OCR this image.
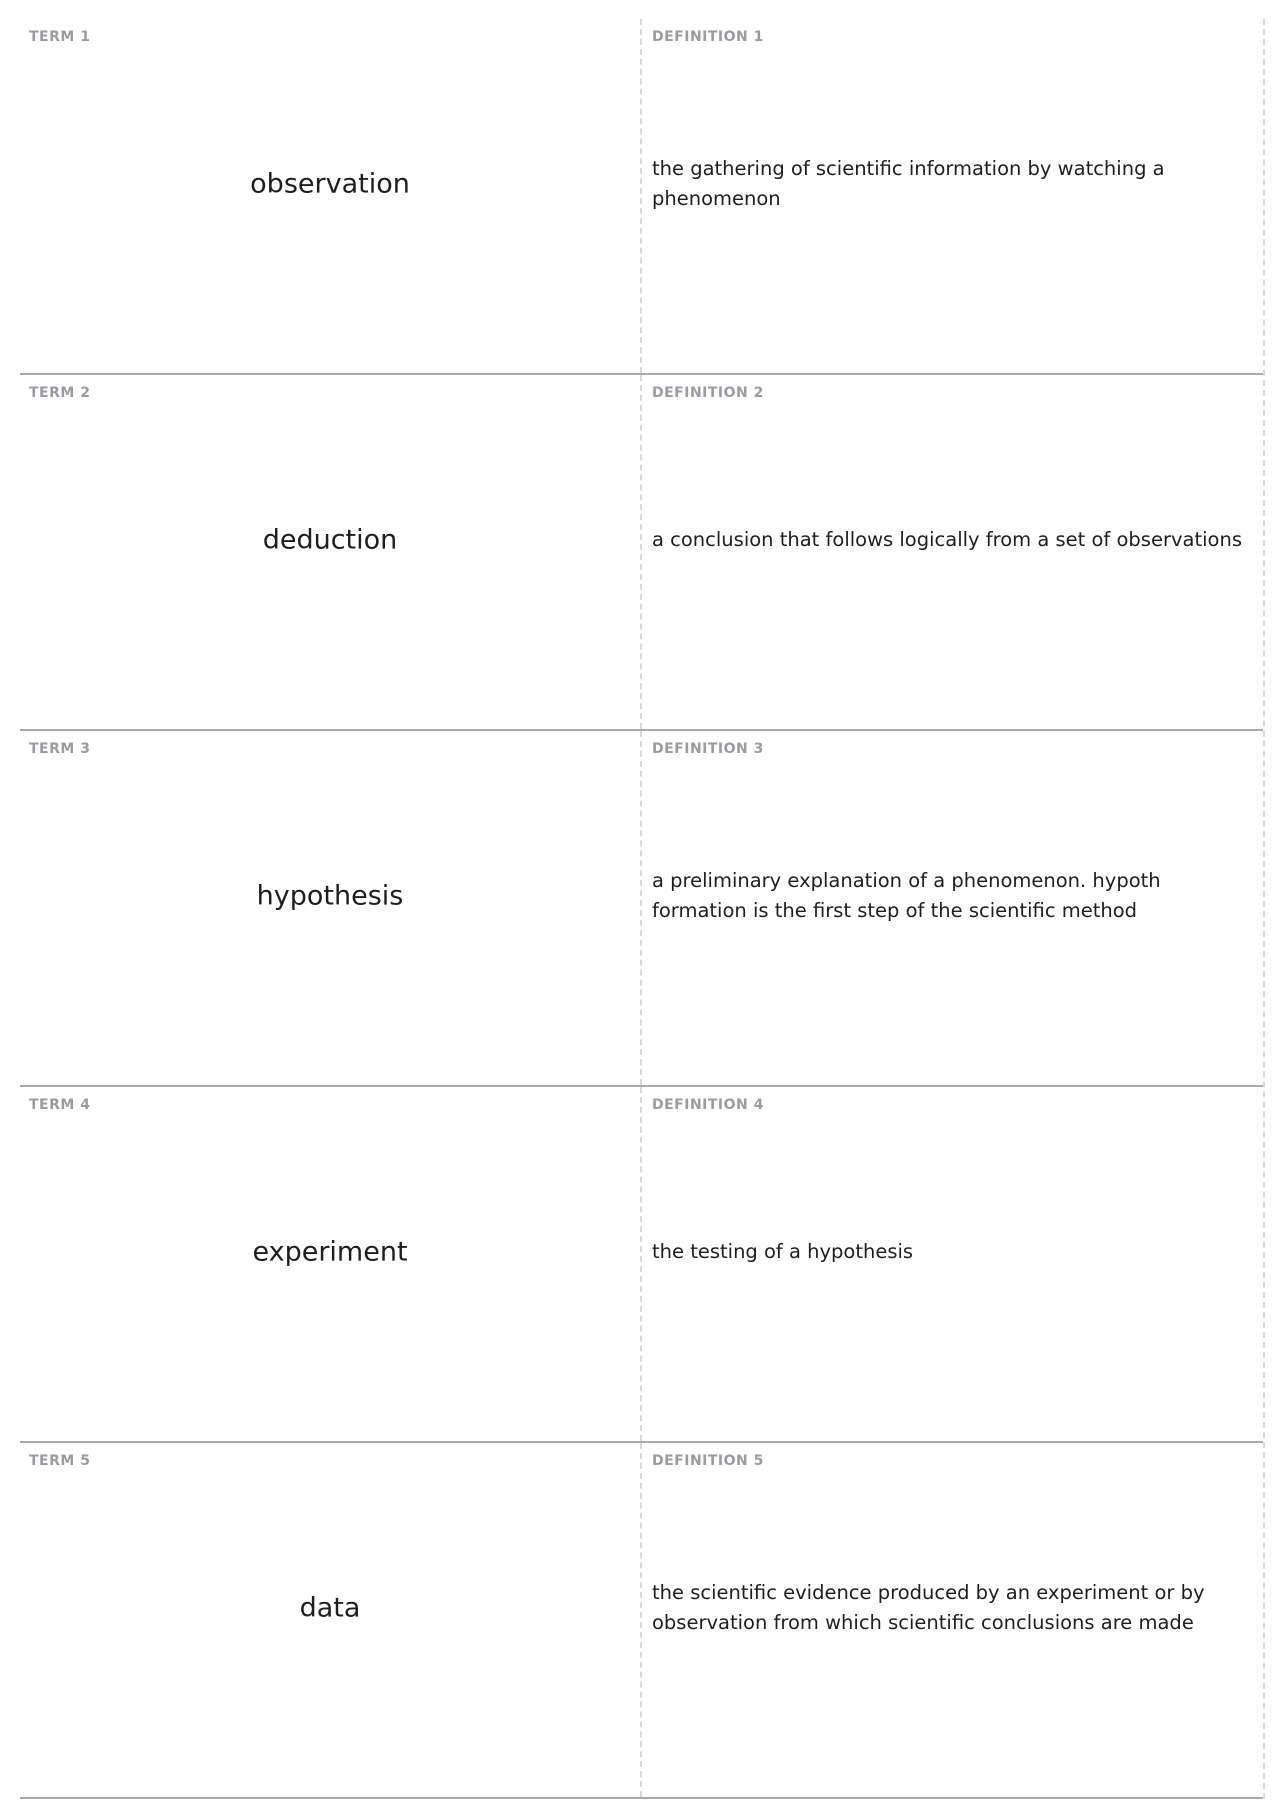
TERM 1
observation
DEFINITION 1
the gathering of scientific information by watching a phenomenon
TERM 2
deduction
DEFINITION 2
a conclusion that follows logically from a set of observations
TERM 3
hypothesis
DEFINITION 3
a preliminary explanation of a phenomenon. hypoth formation is the first step of the scientific method
TERM 4
experiment
DEFINITION 4
the testing of a hypothesis
TERM 5
data
DEFINITION 5
the scientific evidence produced by an experiment or by observation from which scientific conclusions are made
